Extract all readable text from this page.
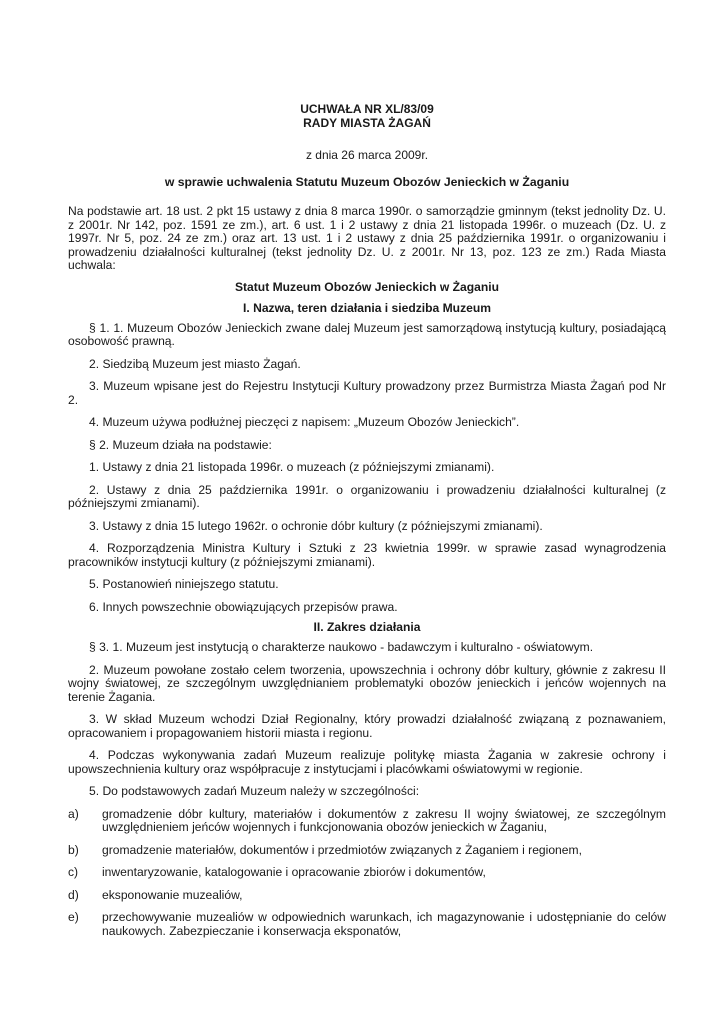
UCHWAŁA NR XL/83/09
RADY MIASTA ŻAGAŃ
z dnia 26 marca 2009r.
w sprawie uchwalenia Statutu Muzeum Obozów Jenieckich w Żaganiu
Na podstawie art. 18 ust. 2 pkt 15 ustawy z dnia 8 marca 1990r. o samorządzie gminnym (tekst jednolity Dz. U. z 2001r. Nr 142, poz. 1591 ze zm.), art. 6 ust. 1 i 2 ustawy z dnia 21 listopada 1996r. o muzeach (Dz. U. z 1997r. Nr 5, poz. 24 ze zm.) oraz art. 13 ust. 1 i 2 ustawy z dnia 25 października 1991r. o organizowaniu i prowadzeniu działalności kulturalnej (tekst jednolity Dz. U. z 2001r. Nr 13, poz. 123 ze zm.) Rada Miasta uchwala:
Statut Muzeum Obozów Jenieckich w Żaganiu
I. Nazwa, teren działania i siedziba Muzeum
§ 1. 1. Muzeum Obozów Jenieckich zwane dalej Muzeum jest samorządową instytucją kultury, posiadającą osobowość prawną.
2. Siedzibą Muzeum jest miasto Żagań.
3. Muzeum wpisane jest do Rejestru Instytucji Kultury prowadzony przez Burmistrza Miasta Żagań pod Nr 2.
4. Muzeum używa podłużnej pieczęci z napisem: „Muzeum Obozów Jenieckich”.
§ 2. Muzeum działa na podstawie:
1. Ustawy z dnia 21 listopada 1996r. o muzeach (z późniejszymi zmianami).
2. Ustawy z dnia 25 października 1991r. o organizowaniu i prowadzeniu działalności kulturalnej (z późniejszymi zmianami).
3. Ustawy z dnia 15 lutego 1962r. o ochronie dóbr kultury (z późniejszymi zmianami).
4. Rozporządzenia Ministra Kultury i Sztuki z 23 kwietnia 1999r. w sprawie zasad wynagrodzenia pracowników instytucji kultury (z późniejszymi zmianami).
5. Postanowień niniejszego statutu.
6. Innych powszechnie obowiązujących przepisów prawa.
II. Zakres działania
§ 3. 1. Muzeum jest instytucją o charakterze naukowo - badawczym i kulturalno - oświatowym.
2. Muzeum powołane zostało celem tworzenia, upowszechnia i ochrony dóbr kultury, głównie z zakresu II wojny światowej, ze szczególnym uwzględnianiem problematyki obozów jenieckich i jeńców wojennych na terenie Żagania.
3. W skład Muzeum wchodzi Dział Regionalny, który prowadzi działalność związaną z poznawaniem, opracowaniem i propagowaniem historii miasta i regionu.
4. Podczas wykonywania zadań Muzeum realizuje politykę miasta Żagania w zakresie ochrony i upowszechnienia kultury oraz współpracuje z instytucjami i placówkami oświatowymi w regionie.
5. Do podstawowych zadań Muzeum należy w szczególności:
a) gromadzenie dóbr kultury, materiałów i dokumentów z zakresu II wojny światowej, ze szczególnym uwzględnieniem jeńców wojennych i funkcjonowania obozów jenieckich w Żaganiu,
b) gromadzenie materiałów, dokumentów i przedmiotów związanych z Żaganiem i regionem,
c) inwentaryzowanie, katalogowanie i opracowanie zbiorów i dokumentów,
d) eksponowanie muzealiów,
e) przechowywanie muzealiów w odpowiednich warunkach, ich magazynowanie i udostępnianie do celów naukowych. Zabezpieczanie i konserwacja eksponatów,
